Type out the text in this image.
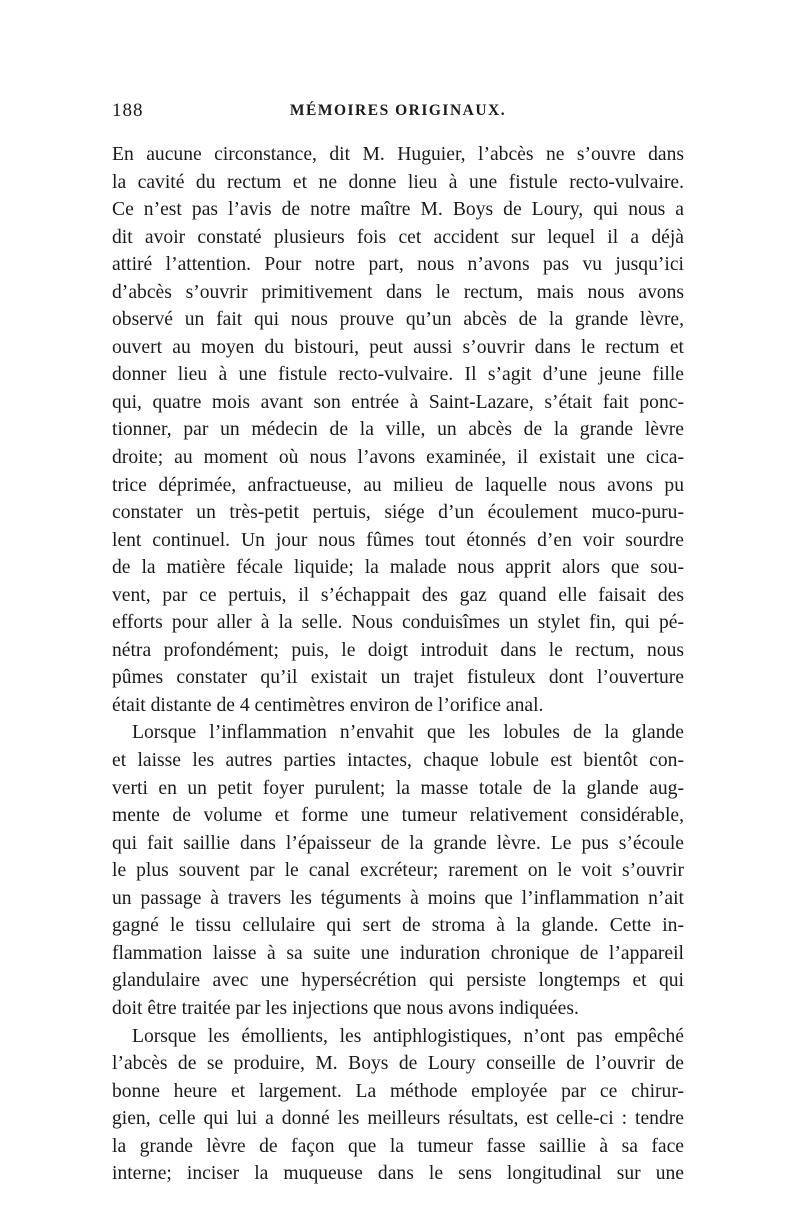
188	MÉMOIRES ORIGINAUX.
En aucune circonstance, dit M. Huguier, l’abcès ne s’ouvre dans
la cavité du rectum et ne donne lieu à une fistule recto-vulvaire.
Ce n’est pas l’avis de notre maître M. Boys de Loury, qui nous a
dit avoir constaté plusieurs fois cet accident sur lequel il a déjà
attiré l’attention. Pour notre part, nous n’avons pas vu jusqu’ici
d’abcès s’ouvrir primitivement dans le rectum, mais nous avons
observé un fait qui nous prouve qu’un abcès de la grande lèvre,
ouvert au moyen du bistouri, peut aussi s’ouvrir dans le rectum et
donner lieu à une fistule recto-vulvaire. Il s’agit d’une jeune fille
qui, quatre mois avant son entrée à Saint-Lazare, s’était fait ponc-
tionner, par un médecin de la ville, un abcès de la grande lèvre
droite; au moment où nous l’avons examinée, il existait une cica-
trice déprimée, anfractueuse, au milieu de laquelle nous avons pu
constater un très-petit pertuis, siége d’un écoulement muco-puru-
lent continuel. Un jour nous fûmes tout étonnés d’en voir sourdre
de la matière fécale liquide; la malade nous apprit alors que sou-
vent, par ce pertuis, il s’échappait des gaz quand elle faisait des
efforts pour aller à la selle. Nous conduisîmes un stylet fin, qui pé-
nétra profondément; puis, le doigt introduit dans le rectum, nous
pûmes constater qu’il existait un trajet fistuleux dont l’ouverture
était distante de 4 centimètres environ de l’orifice anal.
Lorsque l’inflammation n’envahit que les lobules de la glande
et laisse les autres parties intactes, chaque lobule est bientôt con-
verti en un petit foyer purulent; la masse totale de la glande aug-
mente de volume et forme une tumeur relativement considérable,
qui fait saillie dans l’épaisseur de la grande lèvre. Le pus s’écoule
le plus souvent par le canal excréteur; rarement on le voit s’ouvrir
un passage à travers les téguments à moins que l’inflammation n’ait
gagné le tissu cellulaire qui sert de stroma à la glande. Cette in-
flammation laisse à sa suite une induration chronique de l’appareil
glandulaire avec une hypersécrétion qui persiste longtemps et qui
doit être traitée par les injections que nous avons indiquées.
Lorsque les émollients, les antiphlogistiques, n’ont pas empêché
l’abcès de se produire, M. Boys de Loury conseille de l’ouvrir de
bonne heure et largement. La méthode employée par ce chirur-
gien, celle qui lui a donné les meilleurs résultats, est celle-ci : tendre
la grande lèvre de façon que la tumeur fasse saillie à sa face
interne; inciser la muqueuse dans le sens longitudinal sur une
